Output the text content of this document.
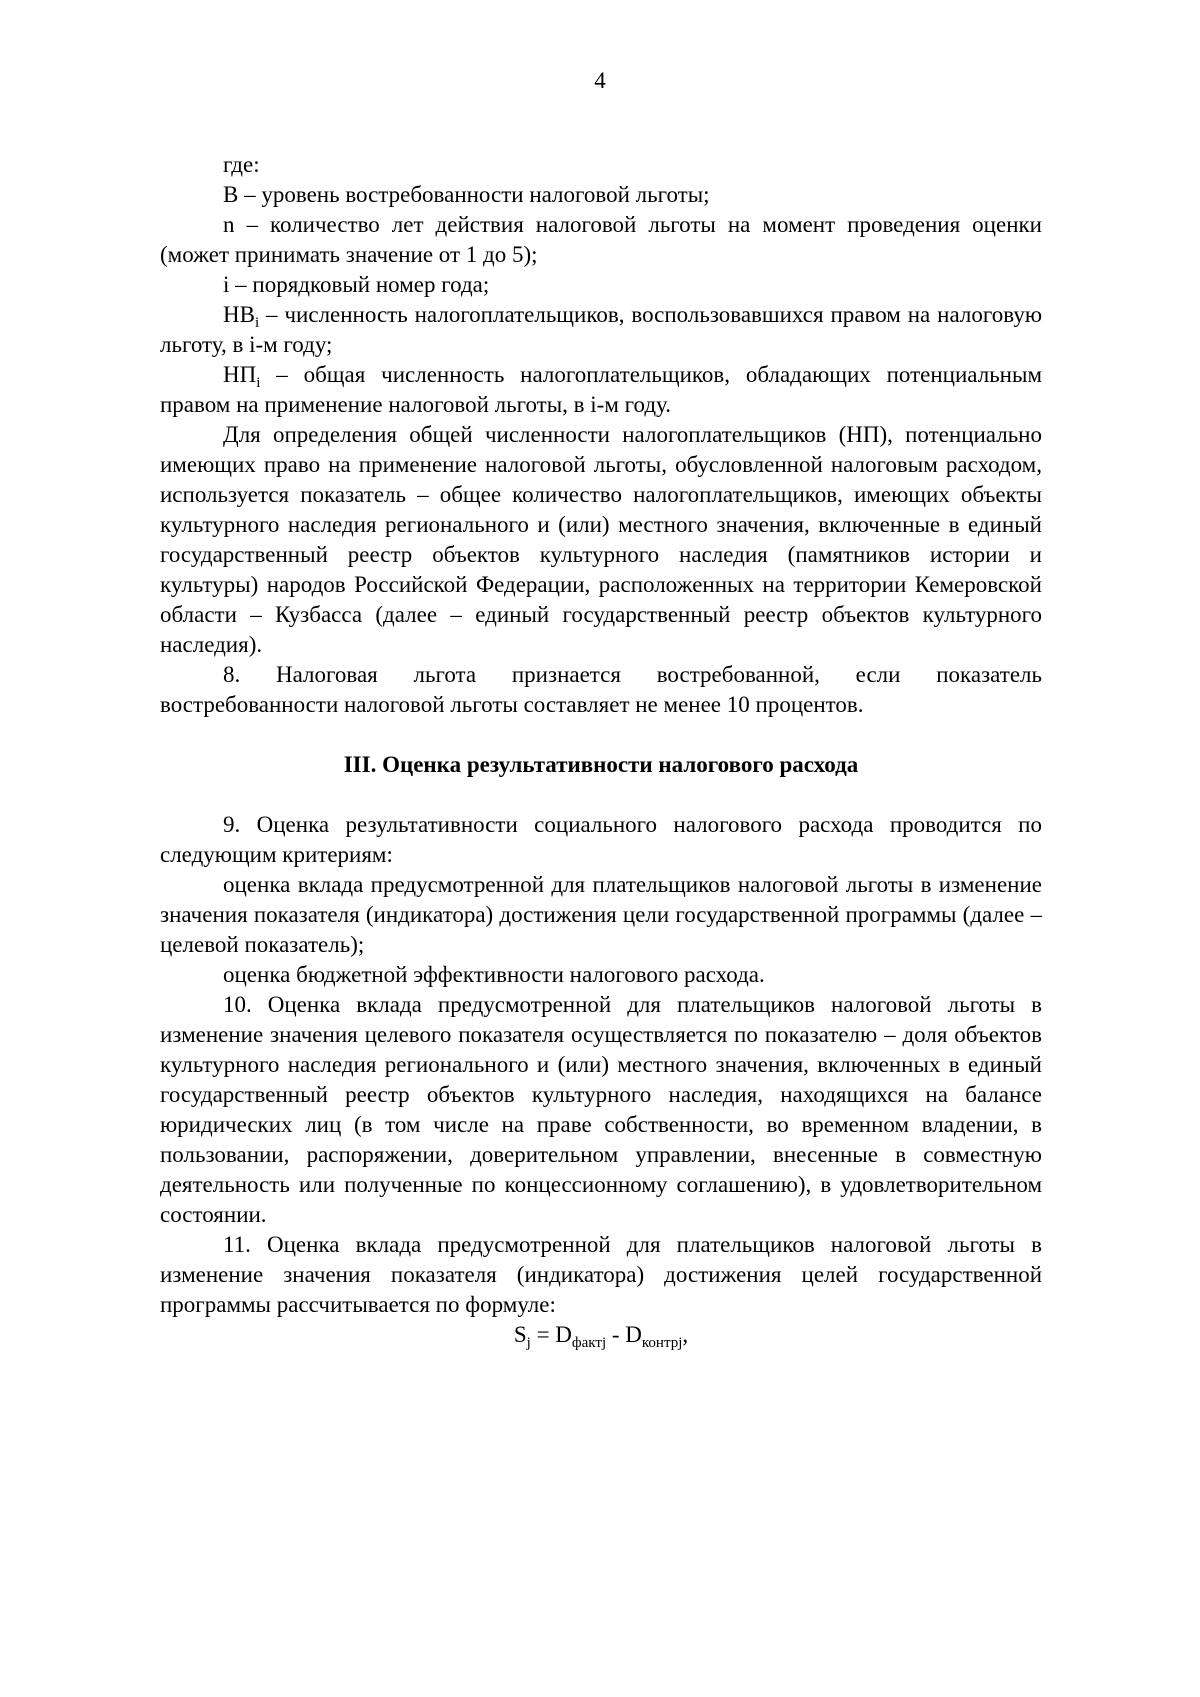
4

где:

В – уровень востребованности налоговой льготы;

n – количество лет действия налоговой льготы на момент проведения оценки (может принимать значение от 1 до 5);

i – порядковый номер года;

$НВ_i$ – численность налогоплательщиков, воспользовавшихся правом на налоговую льготу, в i-м году;

$НП_i$ – общая численность налогоплательщиков, обладающих потенциальным правом на применение налоговой льготы, в i-м году.

Для определения общей численности налогоплательщиков (НП), потенциально имеющих право на применение налоговой льготы, обусловленной налоговым расходом, используется показатель – общее количество налогоплательщиков, имеющих объекты культурного наследия регионального и (или) местного значения, включенные в единый государственный реестр объектов культурного наследия (памятников истории и культуры) народов Российской Федерации, расположенных на территории Кемеровской области – Кузбасса (далее – единый государственный реестр объектов культурного наследия).

8. Налоговая льгота признается востребованной, если показатель востребованности налоговой льготы составляет не менее 10 процентов.

III. Оценка результативности налогового расхода

9. Оценка результативности социального налогового расхода проводится по следующим критериям:

оценка вклада предусмотренной для плательщиков налоговой льготы в изменение значения показателя (индикатора) достижения цели государственной программы (далее – целевой показатель);

оценка бюджетной эффективности налогового расхода.

10. Оценка вклада предусмотренной для плательщиков налоговой льготы в изменение значения целевого показателя осуществляется по показателю – доля объектов культурного наследия регионального и (или) местного значения, включенных в единый государственный реестр объектов культурного наследия, находящихся на балансе юридических лиц (в том числе на праве собственности, во временном владении, в пользовании, распоряжении, доверительном управлении, внесенные в совместную деятельность или полученные по концессионному соглашению), в удовлетворительном состоянии.

11. Оценка вклада предусмотренной для плательщиков налоговой льготы в изменение значения показателя (индикатора) достижения целей государственной программы рассчитывается по формуле:

$S_j = D_{фактj} - D_{контрj}$,
